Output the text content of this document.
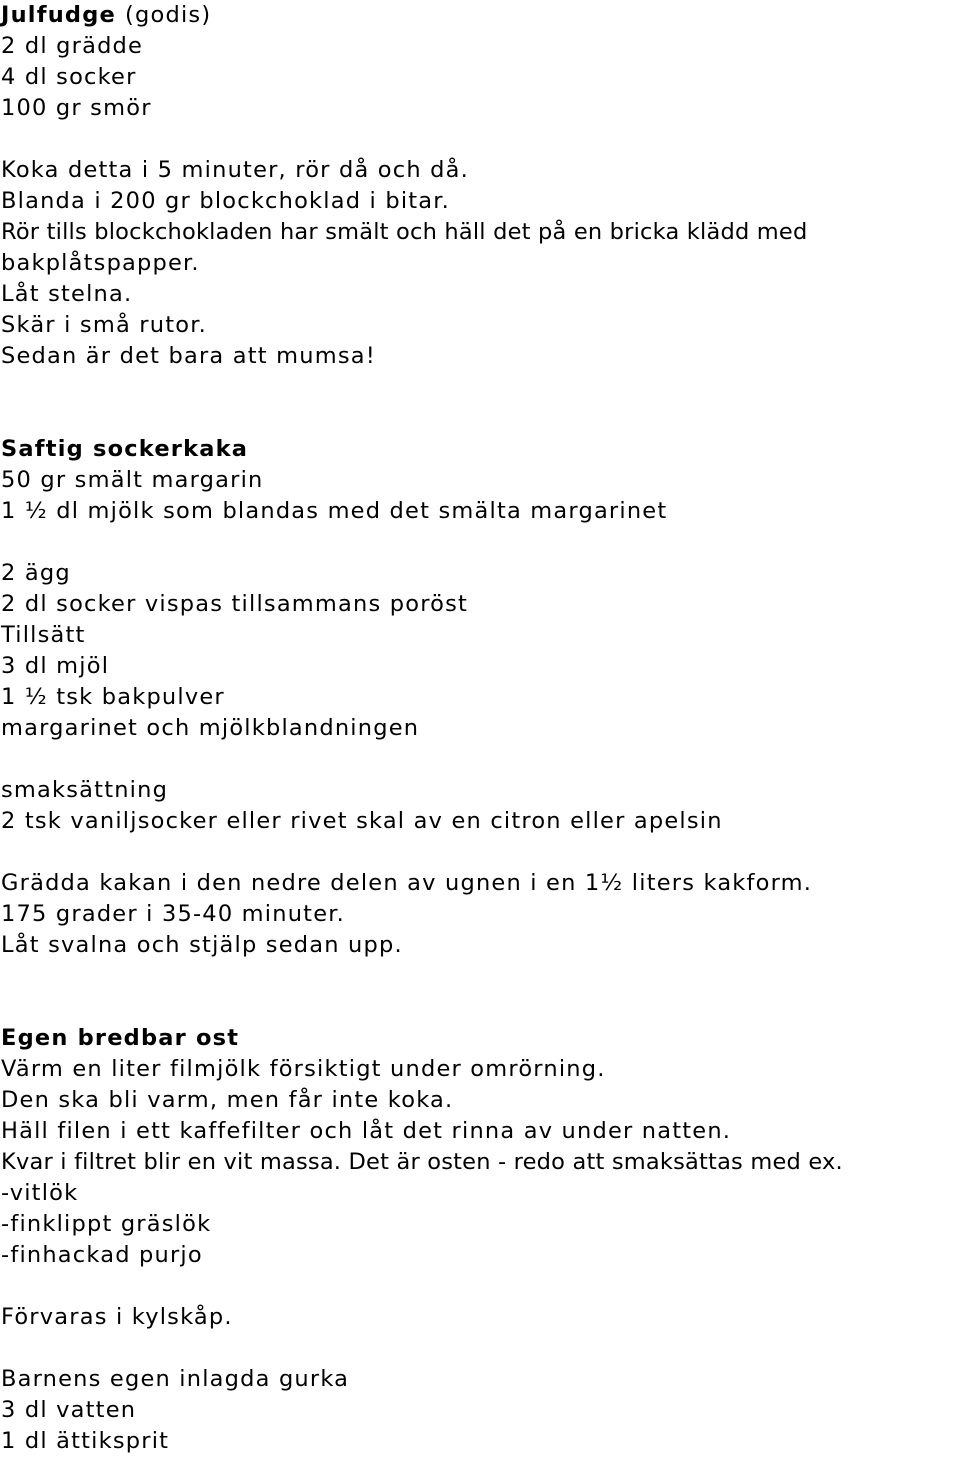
Julfudge (godis)
2 dl grädde
4 dl socker
100 gr smör
Koka detta i 5 minuter, rör då och då.
Blanda i 200 gr blockchoklad i bitar.
Rör tills blockchokladen har smält och häll det på en bricka klädd med
bakplåtspapper.
Låt stelna.
Skär i små rutor.
Sedan är det bara att mumsa!
Saftig sockerkaka
50 gr smält margarin
1 ½ dl mjölk som blandas med det smälta margarinet
2 ägg
2 dl socker vispas tillsammans poröst
Tillsätt
3 dl mjöl
1 ½ tsk bakpulver
margarinet och mjölkblandningen
smaksättning
2 tsk vaniljsocker eller rivet skal av en citron eller apelsin
Grädda kakan i den nedre delen av ugnen i en 1½ liters kakform.
175 grader i 35-40 minuter.
Låt svalna och stjälp sedan upp.
Egen bredbar ost
Värm en liter filmjölk försiktigt under omrörning.
Den ska bli varm, men får inte koka.
Häll filen i ett kaffefilter och låt det rinna av under natten.
Kvar i filtret blir en vit massa. Det är osten - redo att smaksättas med ex.
-vitlök
-finklippt gräslök
-finhackad purjo
Förvaras i kylskåp.
Barnens egen inlagda gurka
3 dl vatten
1 dl ättiksprit
